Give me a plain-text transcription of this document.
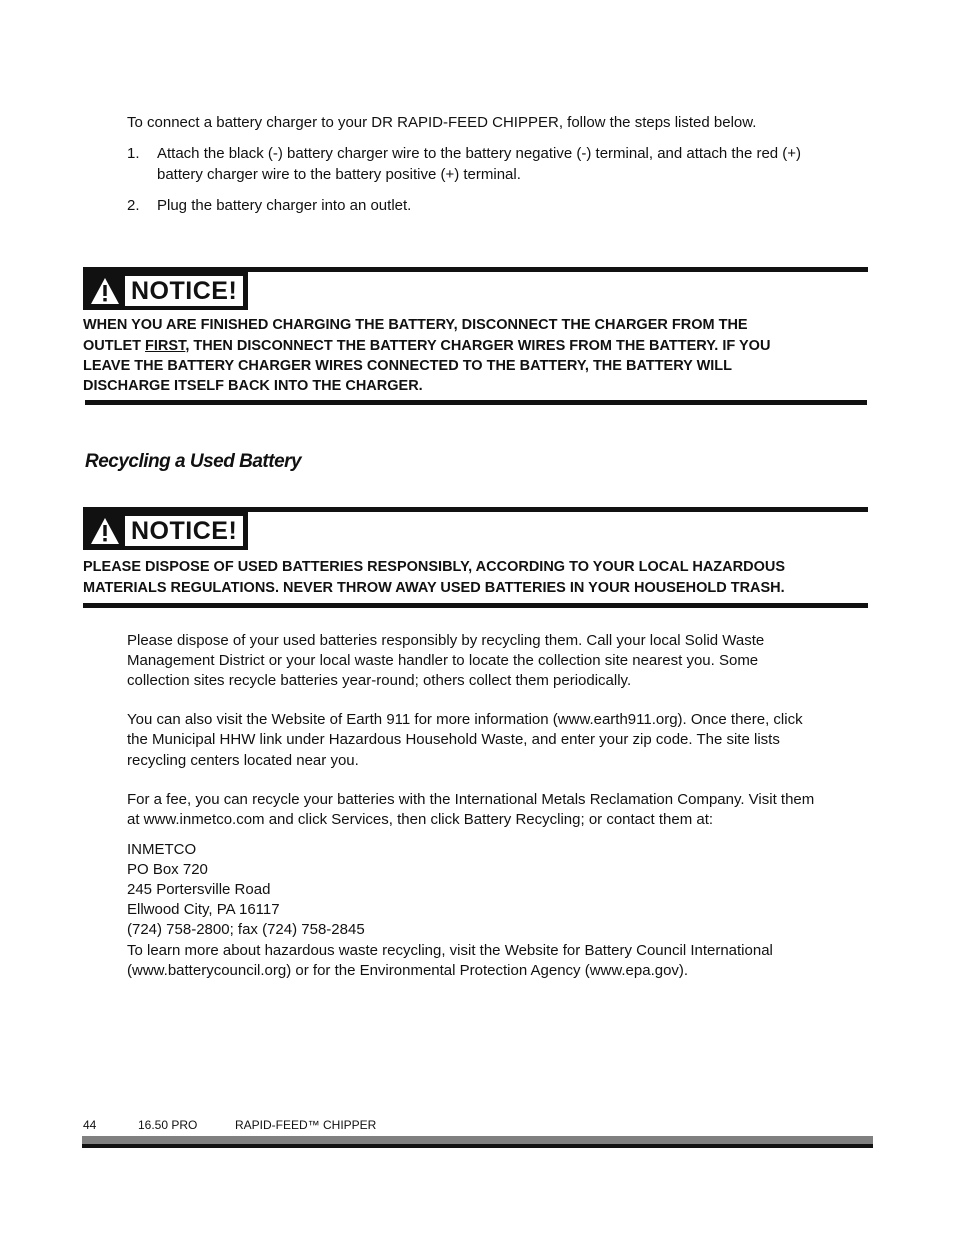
To connect a battery charger to your DR RAPID-FEED CHIPPER, follow the steps listed below.
1. Attach the black (-) battery charger wire to the battery negative (-) terminal, and attach the red (+)
battery charger wire to the battery positive (+) terminal.
2. Plug the battery charger into an outlet.
NOTICE!
WHEN YOU ARE FINISHED CHARGING THE BATTERY, DISCONNECT THE CHARGER FROM THE
OUTLET FIRST, THEN DISCONNECT THE BATTERY CHARGER WIRES FROM THE BATTERY. IF YOU
LEAVE THE BATTERY CHARGER WIRES CONNECTED TO THE BATTERY, THE BATTERY WILL
DISCHARGE ITSELF BACK INTO THE CHARGER.
Recycling a Used Battery
NOTICE!
PLEASE DISPOSE OF USED BATTERIES RESPONSIBLY, ACCORDING TO YOUR LOCAL HAZARDOUS
MATERIALS REGULATIONS. NEVER THROW AWAY USED BATTERIES IN YOUR HOUSEHOLD TRASH.
Please dispose of your used batteries responsibly by recycling them. Call your local Solid Waste
Management District or your local waste handler to locate the collection site nearest you. Some
collection sites recycle batteries year-round; others collect them periodically.
You can also visit the Website of Earth 911 for more information (www.earth911.org). Once there, click
the Municipal HHW link under Hazardous Household Waste, and enter your zip code. The site lists
recycling centers located near you.
For a fee, you can recycle your batteries with the International Metals Reclamation Company. Visit them
at www.inmetco.com and click Services, then click Battery Recycling; or contact them at:
INMETCO
PO Box 720
245 Portersville Road
Ellwood City, PA 16117
(724) 758-2800; fax (724) 758-2845
To learn more about hazardous waste recycling, visit the Website for Battery Council International
(www.batterycouncil.org) or for the Environmental Protection Agency (www.epa.gov).
44	16.50 PRO	RAPID-FEED™ CHIPPER
